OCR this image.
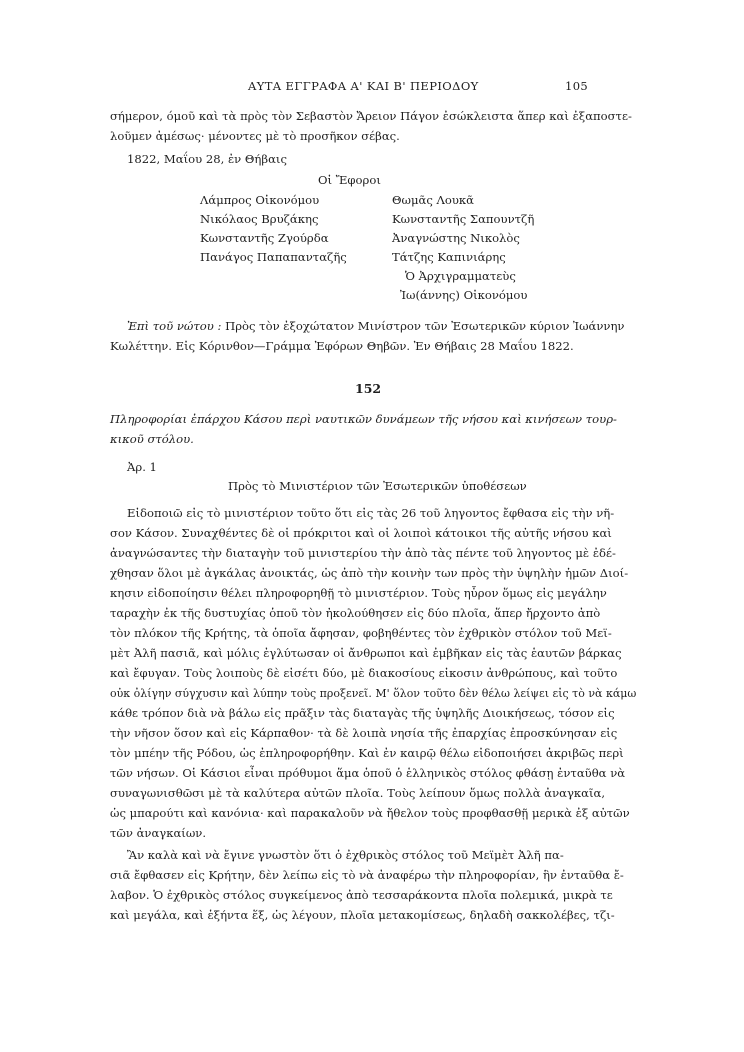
ΑΥΤΑ ΕΓΓΡΑΦΑ Α' ΚΑΙ Β' ΠΕΡΙΟΔΟΥ	105
σήμερον, όμοῦ καὶ τὰ πρὸς τὸν Σεβαστὸν Ἄρειον Πάγον ἐσώκλειστα ἅπερ καὶ ἐξαποστε-
λοῦμεν ἀμέσως· μένοντες μὲ τὸ προσῆκον σέβας.
1822, Μαΐου 28, ἐν Θήβαις
Οἱ Ἔφοροι
Λάμπρος Οἰκονόμου
Νικόλαος Βρυζάκης
Κωνσταντῆς Ζγούρδα
Πανάγος Παπαπανταζῆς
Θωμᾶς Λουκᾶ
Κωνσταντῆς Σαπουντζῆ
Ἀναγνώστης Νικολὸς
Τάτζης Καπινιάρης
Ὁ Ἀρχιγραμματεὺς
Ἰω(άννης) Οἰκονόμου
Ἐπὶ τοῦ νώτου : Πρὸς τὸν ἐξοχώτατον Μινίστρον τῶν Ἐσωτερικῶν κύριον Ἰωάννην
Κωλέττην. Εἰς Κόρινθον—Γράμμα Ἐφόρων Θηβῶν. Ἐν Θήβαις 28 Μαΐου 1822.
152
Πληροφορίαι ἐπάρχου Κάσου περὶ ναυτικῶν δυνάμεων τῆς νήσου καὶ κινήσεων τουρ-
κικοῦ στόλου.
Ἀρ. 1
Πρὸς τὸ Μινιστέριον τῶν Ἐσωτερικῶν ὑποθέσεων
Εἰδοποιῶ εἰς τὸ μινιστέριον τοῦτο ὅτι εἰς τὰς 26 τοῦ ληγοντος ἔφθασα εἰς τὴν νῆ-
σον Κάσον. Συναχθέντες δὲ οἱ πρόκριτοι καὶ οἱ λοιποὶ κάτοικοι τῆς αὐτῆς νήσου καὶ
ἀναγνώσαντες τὴν διαταγὴν τοῦ μινιστερίου τὴν ἀπὸ τὰς πέντε τοῦ ληγοντος μὲ ἐδέ-
χθησαν ὅλοι μὲ ἀγκάλας ἀνοικτάς, ὡς ἀπὸ τὴν κοινὴν των πρὸς τὴν ὑψηλὴν ἡμῶν Διοί-
κησιν εἰδοποίησιν θέλει πληροφορηθῇ τὸ μινιστέριον. Τοὺς ηὗρον ὅμως εἰς μεγάλην
ταραχὴν ἐκ τῆς δυστυχίας ὁποῦ τὸν ἠκολούθησεν εἰς δύο πλοῖα, ἅπερ ἤρχοντο ἀπὸ
τὸν πλόκον τῆς Κρήτης, τὰ ὁποῖα ἄφησαν, φοβηθέντες τὸν ἐχθρικὸν στόλον τοῦ Μεϊ-
μὲτ Ἀλῆ πασιᾶ, καὶ μόλις ἐγλύτωσαν οἱ ἄνθρωποι καὶ ἐμβῆκαν εἰς τὰς ἑαυτῶν βάρκας
καὶ ἔφυγαν. Τοὺς λοιποὺς δὲ εἰσέτι δύο, μὲ διακοσίους εἰκοσιν ἀνθρώπους, καὶ τοῦτο
οὐκ ὀλίγην σύγχυσιν καὶ λύπην τοὺς προξενεῖ. Μ' ὅλον τοῦτο δὲν θέλω λείψει εἰς τὸ νὰ κάμω
κάθε τρόπον διὰ νὰ βάλω εἰς πρᾶξιν τὰς διαταγὰς τῆς ὑψηλῆς Διοικήσεως, τόσον εἰς
τὴν νῆσον ὅσον καὶ εἰς Κάρπαθον· τὰ δὲ λοιπὰ νησία τῆς ἐπαρχίας ἐπροσκύνησαν εἰς
τὸν μπέην τῆς Ρόδου, ὡς ἐπληροφορήθην. Καὶ ἐν καιρῷ θέλω εἰδοποιήσει ἀκριβῶς περὶ
τῶν νήσων. Οἱ Κάσιοι εἶναι πρόθυμοι ἅμα ὁποῦ ὁ ἑλληνικὸς στόλος φθάσῃ ἐνταῦθα νὰ
συναγωνισθῶσι μὲ τὰ καλύτερα αὐτῶν πλοῖα. Τοὺς λείπουν ὅμως πολλὰ ἀναγκαῖα,
ὡς μπαρούτι καὶ κανόνια· καὶ παρακαλοῦν νὰ ἤθελον τοὺς προφθασθῇ μερικὰ ἐξ αὐτῶν
τῶν ἀναγκαίων.
Ἂν καλὰ καὶ νὰ ἔγινε γνωστὸν ὅτι ὁ ἐχθρικὸς στόλος τοῦ Μεϊμὲτ Ἀλῆ πα-
σιᾶ ἔφθασεν εἰς Κρήτην, δὲν λείπω εἰς τὸ νὰ ἀναφέρω τὴν πληροφορίαν, ἣν ἐνταῦθα ἔ-
λαβον. Ὁ ἐχθρικὸς στόλος συγκείμενος ἀπὸ τεσσαράκοντα πλοῖα πολεμικά, μικρὰ τε
καὶ μεγάλα, καὶ ἑξήντα ἕξ, ὡς λέγουν, πλοῖα μετακομίσεως, δηλαδὴ σακκολέβες, τζι-
